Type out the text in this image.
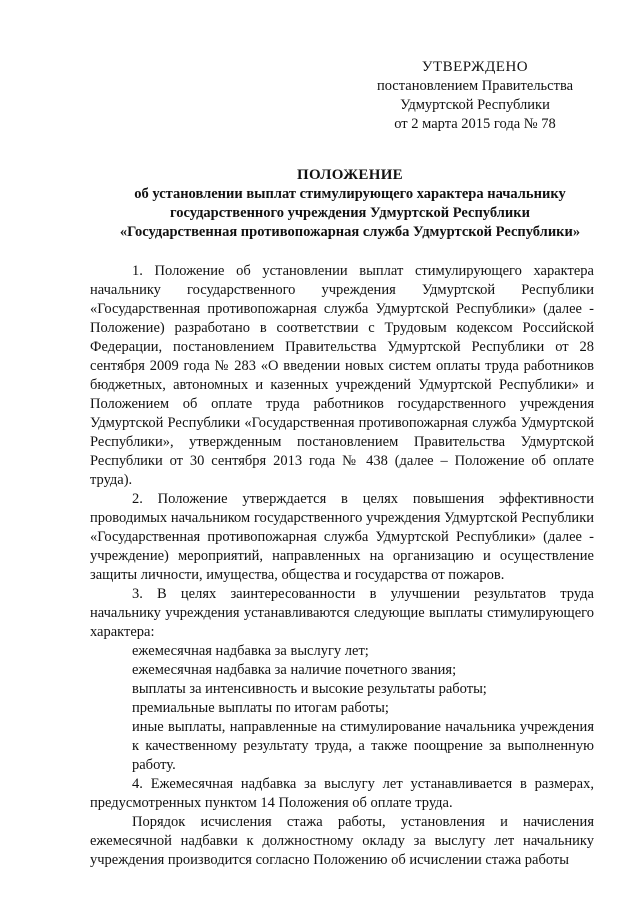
УТВЕРЖДЕНО
постановлением Правительства
Удмуртской Республики
от 2 марта 2015 года № 78
ПОЛОЖЕНИЕ
об установлении выплат стимулирующего характера начальнику
государственного учреждения Удмуртской Республики
«Государственная противопожарная служба Удмуртской Республики»

1. Положение об установлении выплат стимулирующего характера начальнику государственного учреждения Удмуртской Республики «Государственная противопожарная служба Удмуртской Республики» (далее - Положение) разработано в соответствии с Трудовым кодексом Российской Федерации, постановлением Правительства Удмуртской Республики от 28 сентября 2009 года № 283 «О введении новых систем оплаты труда работников бюджетных, автономных и казенных учреждений Удмуртской Республики» и Положением об оплате труда работников государственного учреждения Удмуртской Республики «Государственная противопожарная служба Удмуртской Республики», утвержденным постановлением Правительства Удмуртской Республики от 30 сентября 2013 года № 438 (далее – Положение об оплате труда).

2. Положение утверждается в целях повышения эффективности проводимых начальником государственного учреждения Удмуртской Республики «Государственная противопожарная служба Удмуртской Республики» (далее - учреждение) мероприятий, направленных на организацию и осуществление защиты личности, имущества, общества и государства от пожаров.

3. В целях заинтересованности в улучшении результатов труда начальнику учреждения устанавливаются следующие выплаты стимулирующего характера:

ежемесячная надбавка за выслугу лет;

ежемесячная надбавка за наличие почетного звания;

выплаты за интенсивность и высокие результаты работы;

премиальные выплаты по итогам работы;

иные выплаты, направленные на стимулирование начальника учреждения к качественному результату труда, а также поощрение за выполненную работу.

4. Ежемесячная надбавка за выслугу лет устанавливается в размерах, предусмотренных пунктом 14 Положения об оплате труда.

Порядок исчисления стажа работы, установления и начисления ежемесячной надбавки к должностному окладу за выслугу лет начальнику учреждения производится согласно Положению об исчислении стажа работы
